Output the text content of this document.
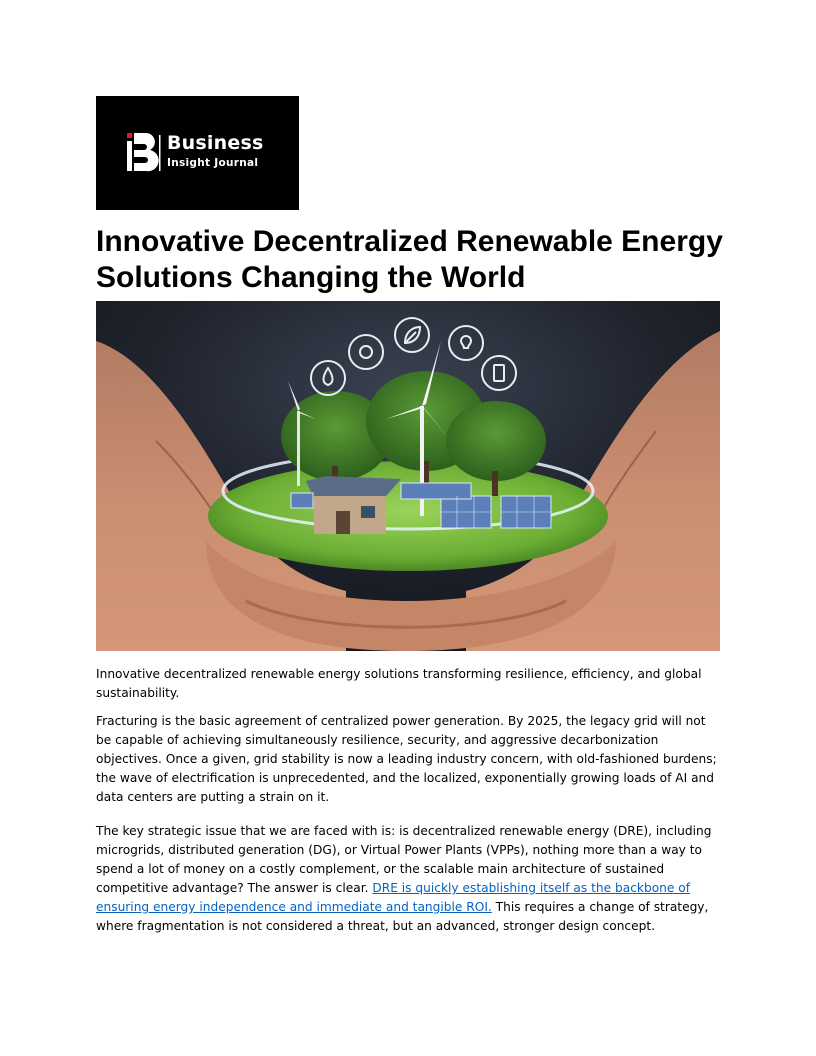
Business
Insight Journal
Innovative Decentralized Renewable Energy Solutions Changing the World

Innovative decentralized renewable energy solutions transforming resilience, efficiency, and global sustainability.

Fracturing is the basic agreement of centralized power generation. By 2025, the legacy grid will not be capable of achieving simultaneously resilience, security, and aggressive decarbonization objectives. Once a given, grid stability is now a leading industry concern, with old-fashioned burdens; the wave of electrification is unprecedented, and the localized, exponentially growing loads of AI and data centers are putting a strain on it.

The key strategic issue that we are faced with is: is decentralized renewable energy (DRE), including microgrids, distributed generation (DG), or Virtual Power Plants (VPPs), nothing more than a way to spend a lot of money on a costly complement, or the scalable main architecture of sustained competitive advantage? The answer is clear. DRE is quickly establishing itself as the backbone of ensuring energy independence and immediate and tangible ROI. This requires a change of strategy, where fragmentation is not considered a threat, but an advanced, stronger design concept.
